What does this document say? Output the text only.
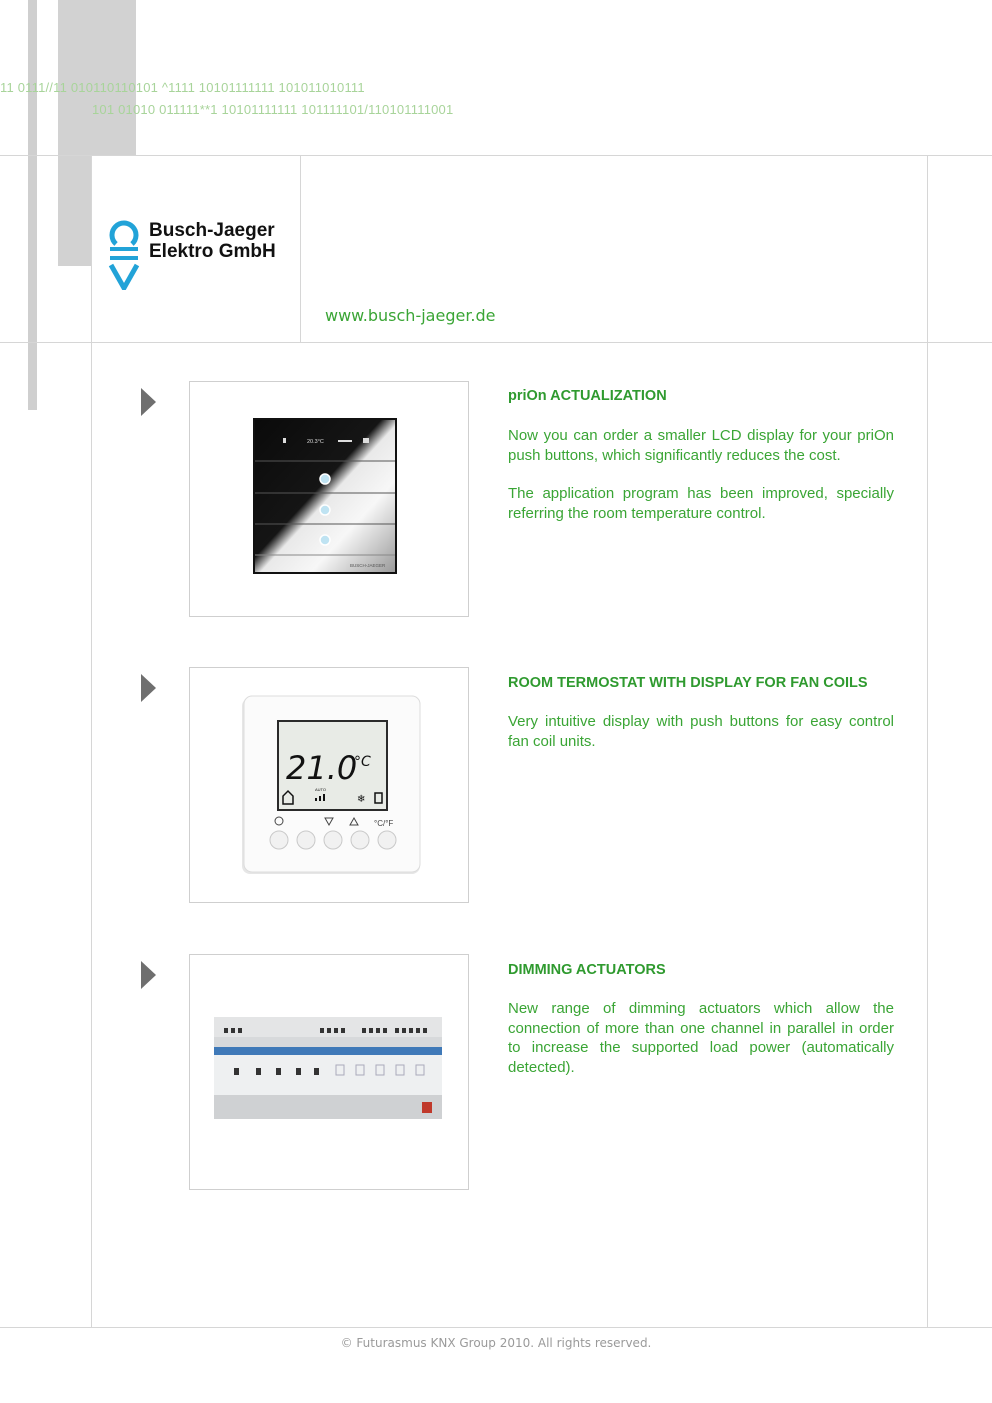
11 0111//11 010110110101 ^1111 10101111111 101011010111
101 01010 011111**1 10101111111 101111101/110101111001
Busch-Jaeger
Elektro GmbH
www.busch-jaeger.de
20.3°C
BUSCH-JAEGER
priOn ACTUALIZATION

Now you can order a smaller LCD display for your priOn push buttons, which significantly reduces the cost.

The application program has been improved, specially referring the room temperature control.

21.0
°C
AUTO
❄
°C/°F
ROOM TERMOSTAT WITH DISPLAY FOR FAN COILS

Very intuitive display with push buttons for easy control fan coil units.

DIMMING ACTUATORS

New range of dimming actuators which allow the connection of more than one channel in parallel in order to increase the supported load power (automatically detected).

© Futurasmus KNX Group 2010. All rights reserved.
